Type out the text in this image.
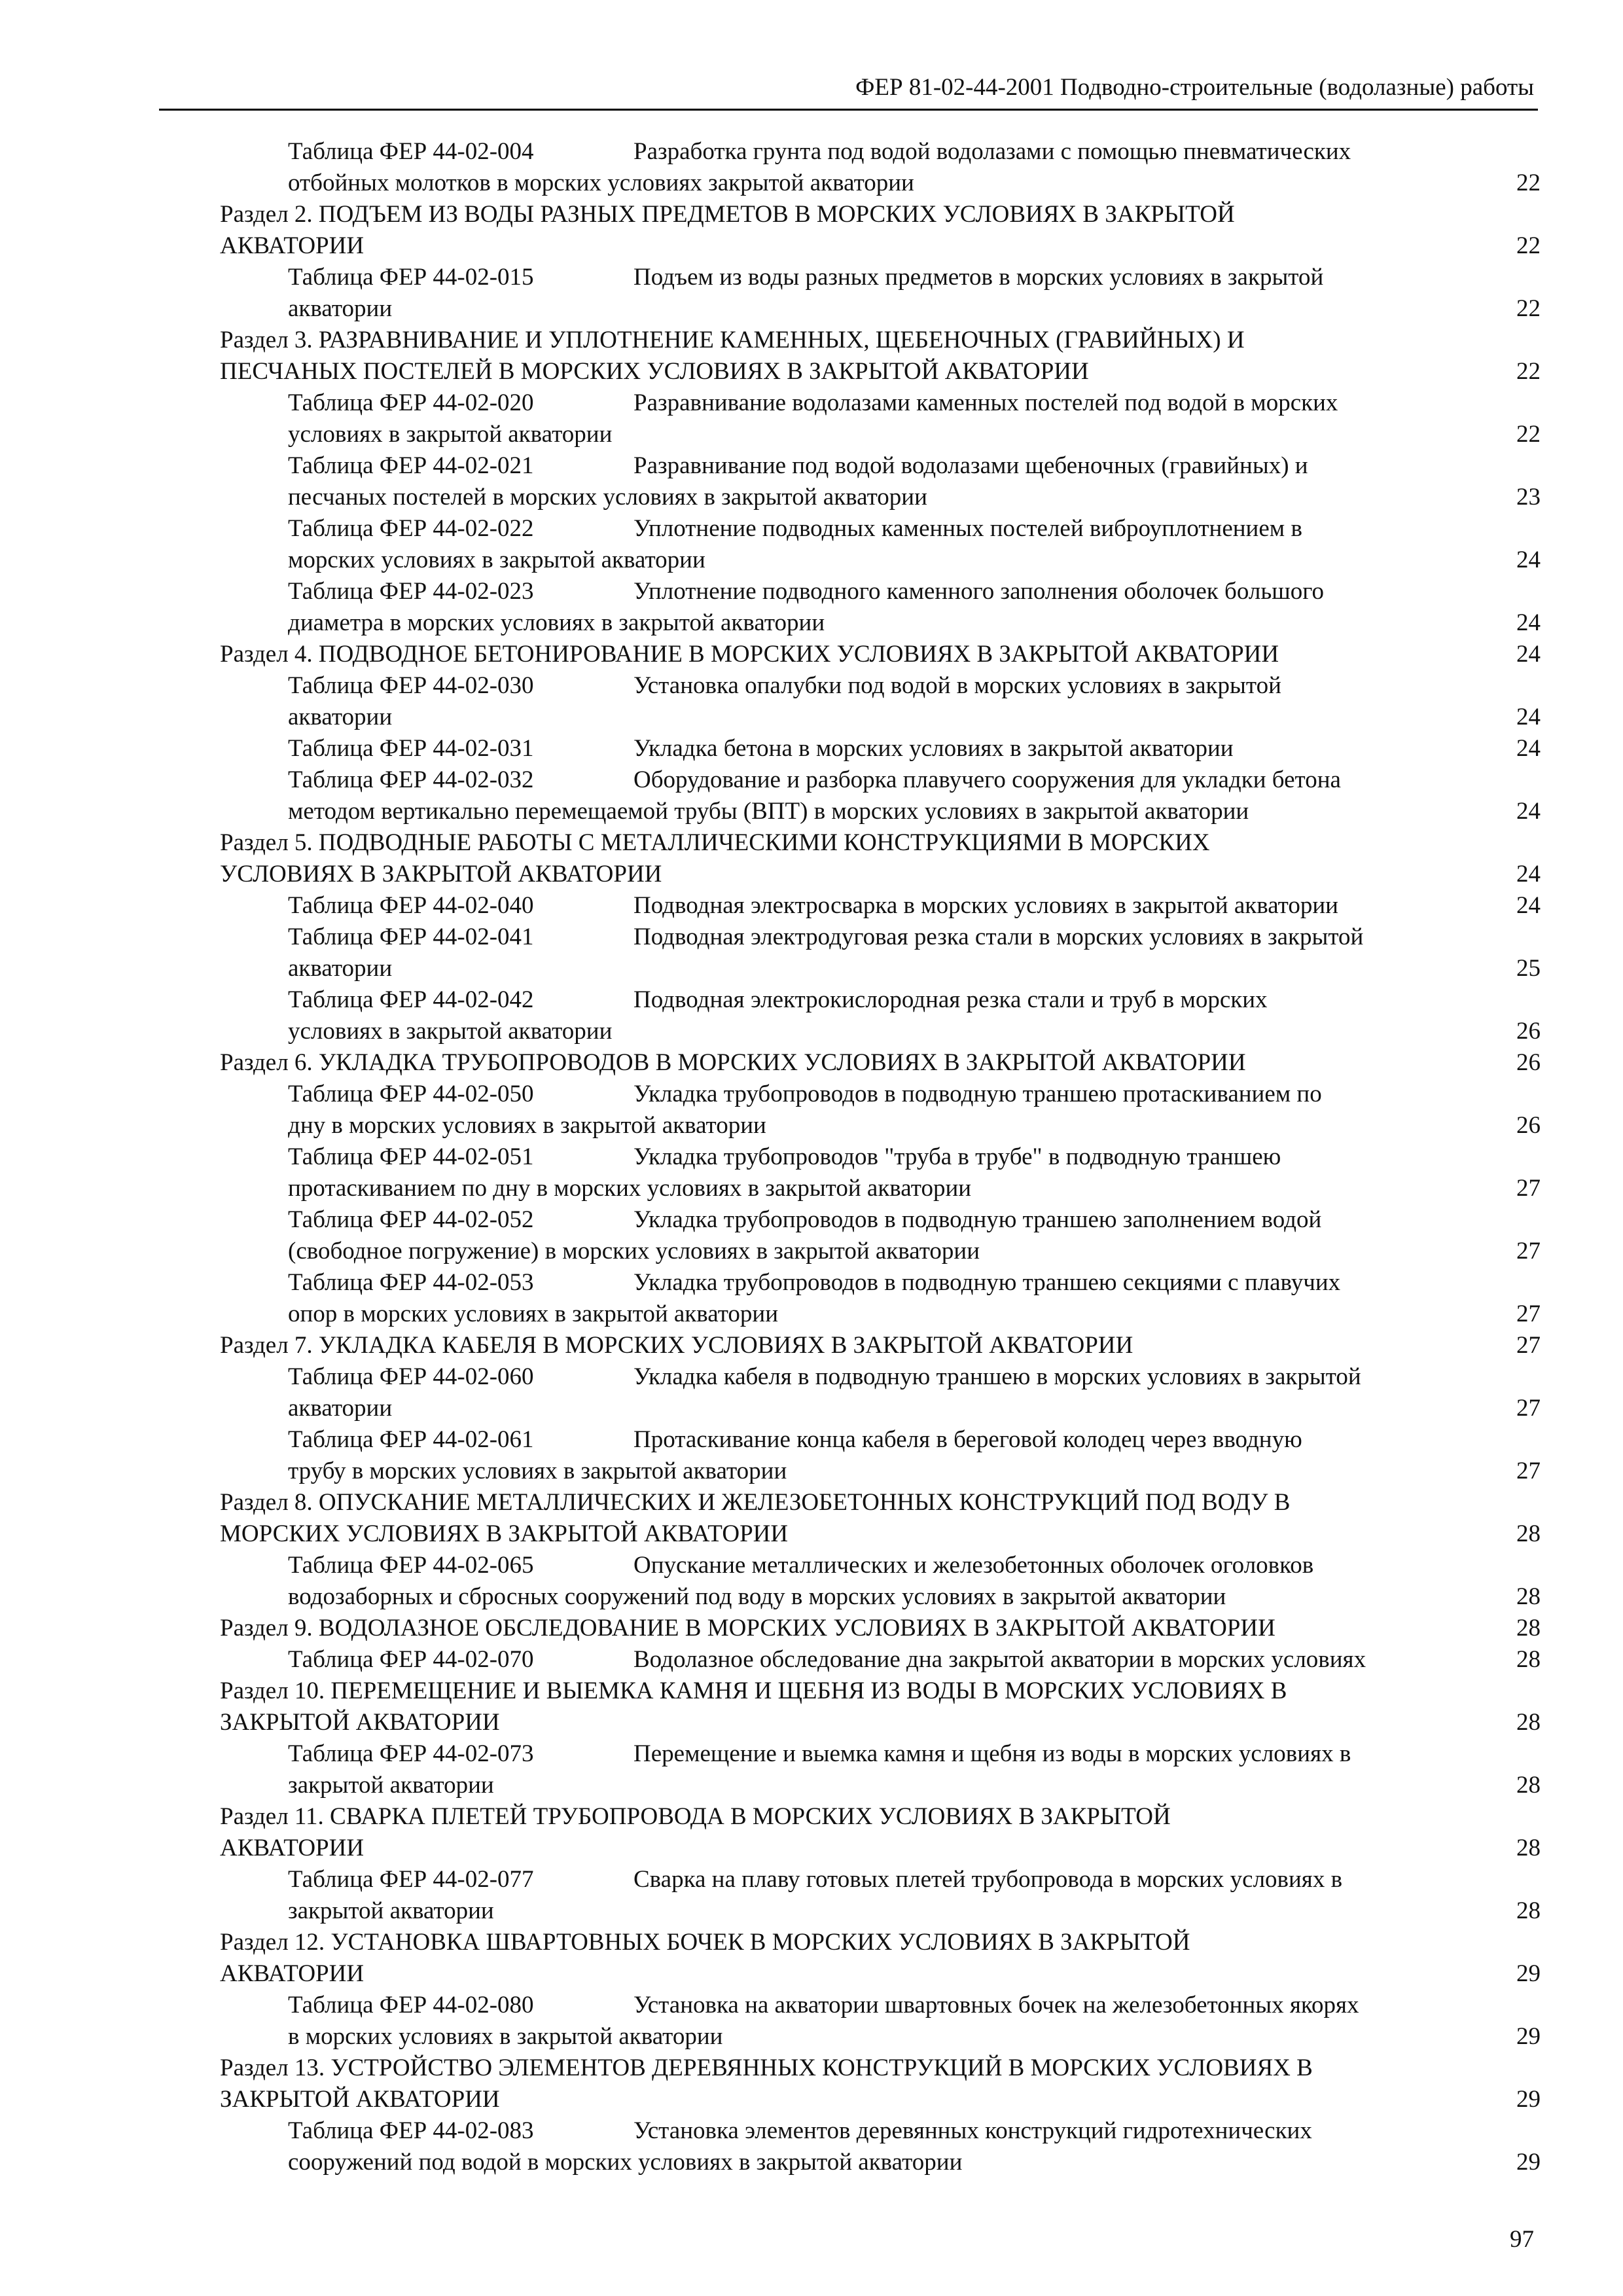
ФЕР 81-02-44-2001 Подводно-строительные (водолазные) работы
Таблица ФЕР 44-02-004	Разработка грунта под водой водолазами с помощью пневматических
отбойных молотков в морских условиях закрытой акватории	22
Раздел 2. ПОДЪЕМ ИЗ ВОДЫ РАЗНЫХ ПРЕДМЕТОВ В МОРСКИХ УСЛОВИЯХ В ЗАКРЫТОЙ
АКВАТОРИИ	22
Таблица ФЕР 44-02-015	Подъем из воды разных предметов в морских условиях в закрытой
акватории	22
Раздел 3. РАЗРАВНИВАНИЕ И УПЛОТНЕНИЕ КАМЕННЫХ, ЩЕБЕНОЧНЫХ (ГРАВИЙНЫХ) И
ПЕСЧАНЫХ ПОСТЕЛЕЙ В МОРСКИХ УСЛОВИЯХ В ЗАКРЫТОЙ АКВАТОРИИ	22
Таблица ФЕР 44-02-020	Разравнивание водолазами каменных постелей под водой в морских
условиях в закрытой акватории	22
Таблица ФЕР 44-02-021	Разравнивание под водой водолазами щебеночных (гравийных) и
песчаных постелей в морских условиях в закрытой акватории	23
Таблица ФЕР 44-02-022	Уплотнение подводных каменных постелей виброуплотнением в
морских условиях в закрытой акватории	24
Таблица ФЕР 44-02-023	Уплотнение подводного каменного заполнения оболочек большого
диаметра в морских условиях в закрытой акватории	24
Раздел 4. ПОДВОДНОЕ БЕТОНИРОВАНИЕ В МОРСКИХ УСЛОВИЯХ В ЗАКРЫТОЙ АКВАТОРИИ	24
Таблица ФЕР 44-02-030	Установка опалубки под водой в морских условиях в закрытой
акватории	24
Таблица ФЕР 44-02-031	Укладка бетона в морских условиях в закрытой акватории	24
Таблица ФЕР 44-02-032	Оборудование и разборка плавучего сооружения для укладки бетона
методом вертикально перемещаемой трубы (ВПТ) в морских условиях в закрытой акватории	24
Раздел 5. ПОДВОДНЫЕ РАБОТЫ С МЕТАЛЛИЧЕСКИМИ КОНСТРУКЦИЯМИ В МОРСКИХ
УСЛОВИЯХ В ЗАКРЫТОЙ АКВАТОРИИ	24
Таблица ФЕР 44-02-040	Подводная электросварка в морских условиях в закрытой акватории	24
Таблица ФЕР 44-02-041	Подводная электродуговая резка стали в морских условиях в закрытой
акватории	25
Таблица ФЕР 44-02-042	Подводная электрокислородная резка стали и труб в морских
условиях в закрытой акватории	26
Раздел 6. УКЛАДКА ТРУБОПРОВОДОВ В МОРСКИХ УСЛОВИЯХ В ЗАКРЫТОЙ АКВАТОРИИ	26
Таблица ФЕР 44-02-050	Укладка трубопроводов в подводную траншею протаскиванием по
дну в морских условиях в закрытой акватории	26
Таблица ФЕР 44-02-051	Укладка трубопроводов "труба в трубе" в подводную траншею
протаскиванием по дну в морских условиях в закрытой акватории	27
Таблица ФЕР 44-02-052	Укладка трубопроводов в подводную траншею заполнением водой
(свободное погружение) в морских условиях в закрытой акватории	27
Таблица ФЕР 44-02-053	Укладка трубопроводов в подводную траншею секциями с плавучих
опор в морских условиях в закрытой акватории	27
Раздел 7. УКЛАДКА КАБЕЛЯ В МОРСКИХ УСЛОВИЯХ В ЗАКРЫТОЙ АКВАТОРИИ	27
Таблица ФЕР 44-02-060	Укладка кабеля в подводную траншею в морских условиях в закрытой
акватории	27
Таблица ФЕР 44-02-061	Протаскивание конца кабеля в береговой колодец через вводную
трубу в морских условиях в закрытой акватории	27
Раздел 8. ОПУСКАНИЕ МЕТАЛЛИЧЕСКИХ И ЖЕЛЕЗОБЕТОННЫХ КОНСТРУКЦИЙ ПОД ВОДУ В
МОРСКИХ УСЛОВИЯХ В ЗАКРЫТОЙ АКВАТОРИИ	28
Таблица ФЕР 44-02-065	Опускание металлических и железобетонных оболочек оголовков
водозаборных и сбросных сооружений под воду в морских условиях в закрытой акватории	28
Раздел 9. ВОДОЛАЗНОЕ ОБСЛЕДОВАНИЕ В МОРСКИХ УСЛОВИЯХ В ЗАКРЫТОЙ АКВАТОРИИ	28
Таблица ФЕР 44-02-070	Водолазное обследование дна закрытой акватории в морских условиях	28
Раздел 10. ПЕРЕМЕЩЕНИЕ И ВЫЕМКА КАМНЯ И ЩЕБНЯ ИЗ ВОДЫ В МОРСКИХ УСЛОВИЯХ В
ЗАКРЫТОЙ АКВАТОРИИ	28
Таблица ФЕР 44-02-073	Перемещение и выемка камня и щебня из воды в морских условиях в
закрытой акватории	28
Раздел 11. СВАРКА ПЛЕТЕЙ ТРУБОПРОВОДА В МОРСКИХ УСЛОВИЯХ В ЗАКРЫТОЙ
АКВАТОРИИ	28
Таблица ФЕР 44-02-077	Сварка на плаву готовых плетей трубопровода в морских условиях в
закрытой акватории	28
Раздел 12. УСТАНОВКА ШВАРТОВНЫХ БОЧЕК В МОРСКИХ УСЛОВИЯХ В ЗАКРЫТОЙ
АКВАТОРИИ	29
Таблица ФЕР 44-02-080	Установка на акватории швартовных бочек на железобетонных якорях
в морских условиях в закрытой акватории	29
Раздел 13. УСТРОЙСТВО ЭЛЕМЕНТОВ ДЕРЕВЯННЫХ КОНСТРУКЦИЙ В МОРСКИХ УСЛОВИЯХ В
ЗАКРЫТОЙ АКВАТОРИИ	29
Таблица ФЕР 44-02-083	Установка элементов деревянных конструкций гидротехнических
сооружений под водой в морских условиях в закрытой акватории	29
97
